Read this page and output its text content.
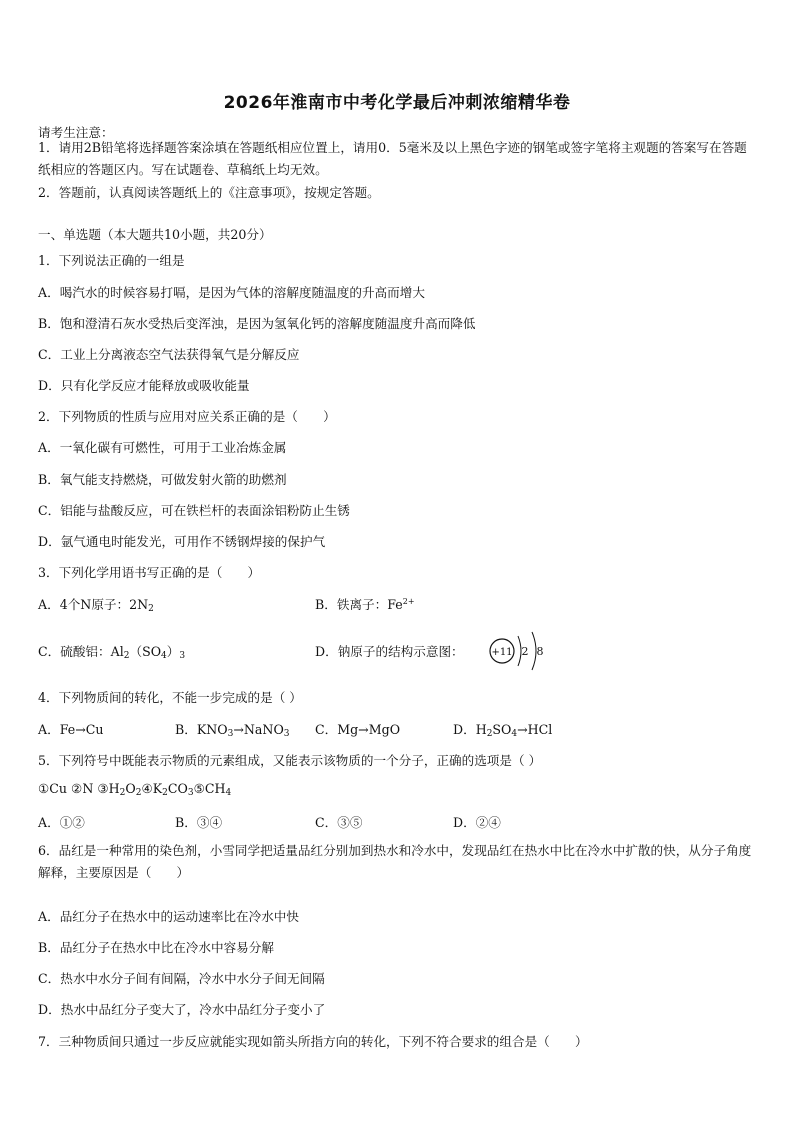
2026年淮南市中考化学最后冲刺浓缩精华卷
请考生注意：
1．请用2B铅笔将选择题答案涂填在答题纸相应位置上，请用0．5毫米及以上黑色字迹的钢笔或签字笔将主观题的答案写在答题纸相应的答题区内。写在试题卷、草稿纸上均无效。
2．答题前，认真阅读答题纸上的《注意事项》，按规定答题。
一、单选题（本大题共10小题，共20分）
1．下列说法正确的一组是
A．喝汽水的时候容易打嗝，是因为气体的溶解度随温度的升高而增大
B．饱和澄清石灰水受热后变浑浊，是因为氢氧化钙的溶解度随温度升高而降低
C．工业上分离液态空气法获得氧气是分解反应
D．只有化学反应才能释放或吸收能量
2．下列物质的性质与应用对应关系正确的是（　　）
A．一氧化碳有可燃性，可用于工业冶炼金属
B．氧气能支持燃烧，可做发射火箭的助燃剂
C．铝能与盐酸反应，可在铁栏杆的表面涂铝粉防止生锈
D．氩气通电时能发光，可用作不锈钢焊接的保护气
3．下列化学用语书写正确的是（　　）
A．4个N原子：$2N_2$	B．铁离子：$Fe^{2+}$
C．硫酸铝：$Al_2(SO_4)_3$	D．钠原子的结构示意图：	+11 2 8
4．下列物质间的转化，不能一步完成的是（ ）
A．Fe→Cu	B．$KNO_3\to NaNO_3$ C．Mg→MgO	D．$H_2SO_4\to HCl$
5．下列符号中既能表示物质的元素组成，又能表示该物质的一个分子，正确的选项是（ ）
①Cu ②N $③H_2O_2④K_2CO_3⑤CH_4$
A．①②	B．③④	C．③⑤	D．②④
6．品红是一种常用的染色剂，小雪同学把适量品红分别加到热水和冷水中，发现品红在热水中比在冷水中扩散的快，从分子角度解释，主要原因是（　　）
A．品红分子在热水中的运动速率比在冷水中快
B．品红分子在热水中比在冷水中容易分解
C．热水中水分子间有间隔，冷水中水分子间无间隔
D．热水中品红分子变大了，冷水中品红分子变小了
7．三种物质间只通过一步反应就能实现如箭头所指方向的转化，下列不符合要求的组合是（　　）
